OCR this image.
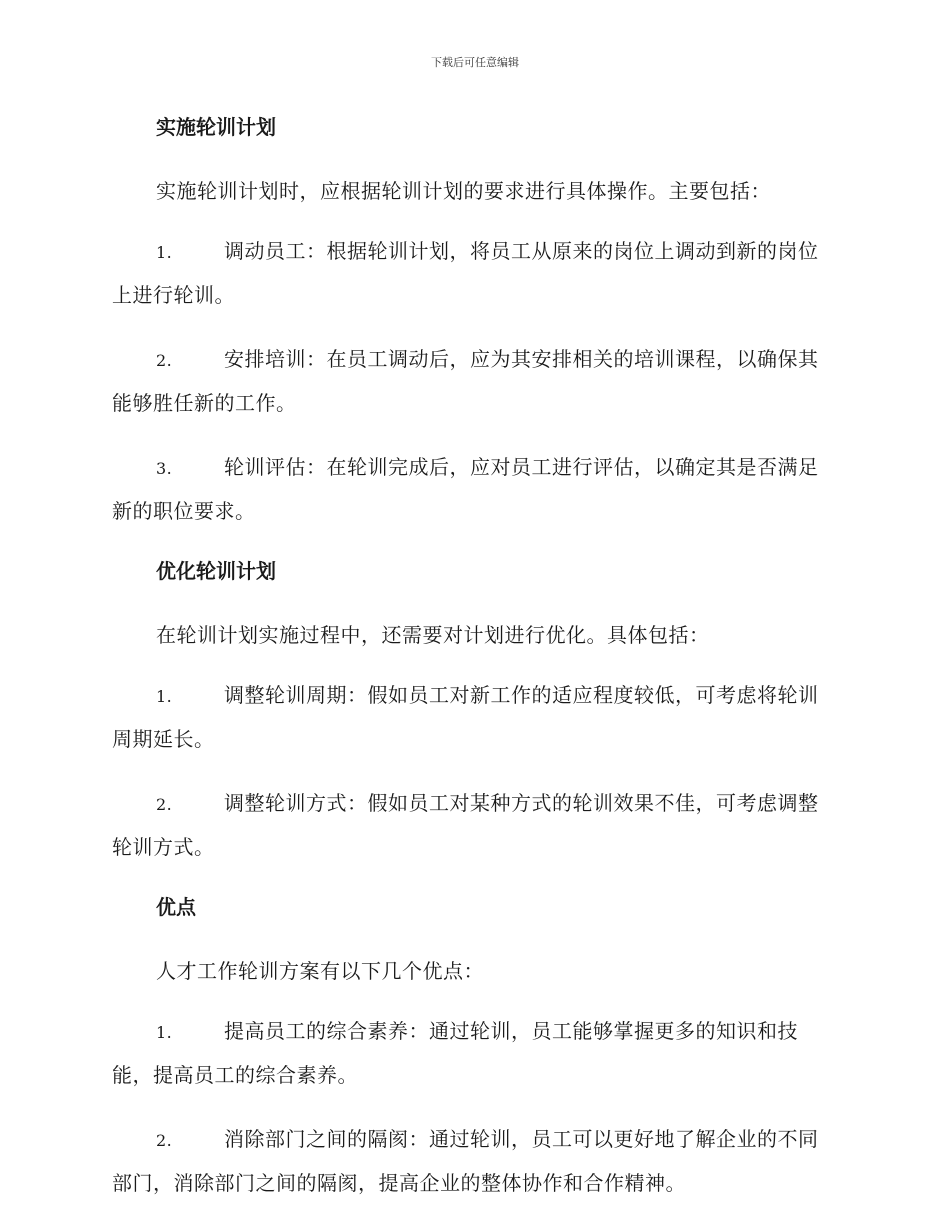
下载后可任意编辑
实施轮训计划
实施轮训计划时，应根据轮训计划的要求进行具体操作。主要包括：
1.	调动员工：根据轮训计划，将员工从原来的岗位上调动到新的岗位上进行轮训。
2.	安排培训：在员工调动后，应为其安排相关的培训课程，以确保其能够胜任新的工作。
3.	轮训评估：在轮训完成后，应对员工进行评估，以确定其是否满足新的职位要求。
优化轮训计划
在轮训计划实施过程中，还需要对计划进行优化。具体包括：
1.	调整轮训周期：假如员工对新工作的适应程度较低，可考虑将轮训周期延长。
2.	调整轮训方式：假如员工对某种方式的轮训效果不佳，可考虑调整轮训方式。
优点
人才工作轮训方案有以下几个优点：
1.	提高员工的综合素养：通过轮训，员工能够掌握更多的知识和技能，提高员工的综合素养。
2.	消除部门之间的隔阂：通过轮训，员工可以更好地了解企业的不同部门，消除部门之间的隔阂，提高企业的整体协作和合作精神。
